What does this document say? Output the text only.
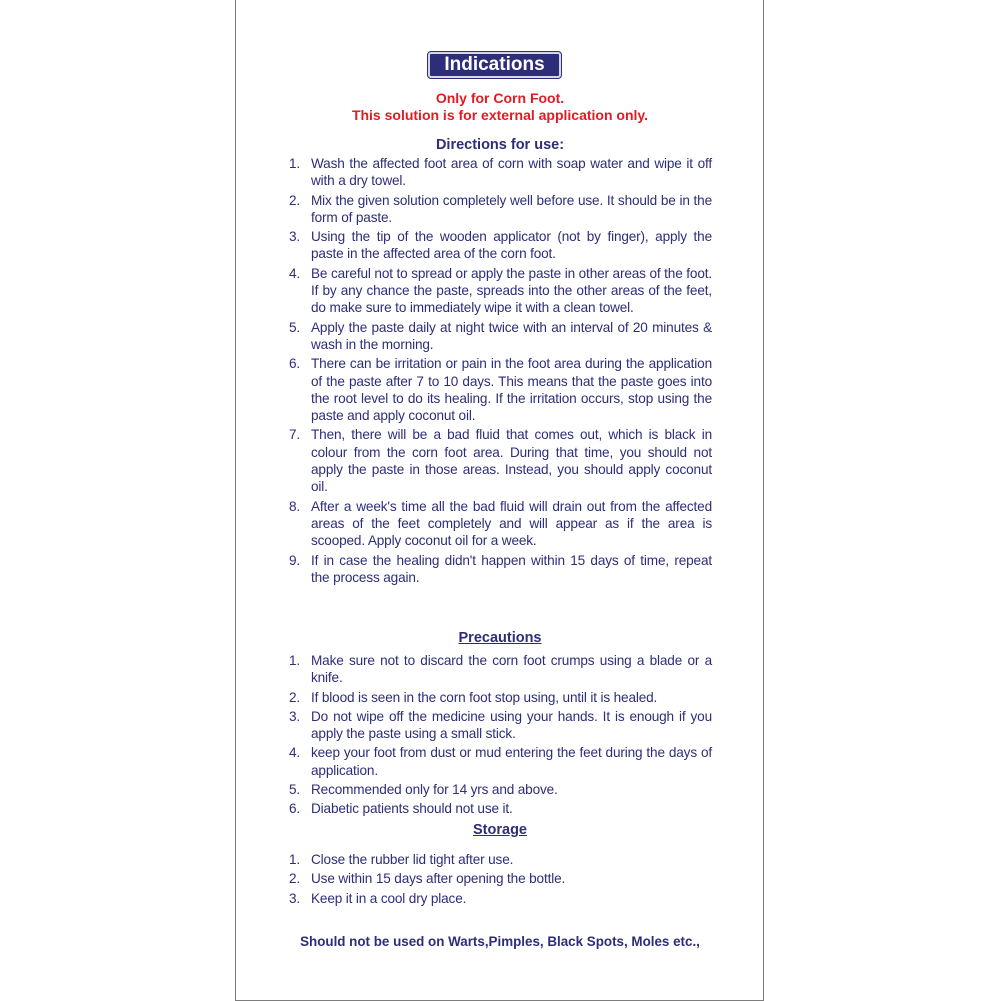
Indications
Only for Corn Foot.
This solution is for external application only.
Directions for use:
1. Wash the affected foot area of corn with soap water and wipe it off with a dry towel.
2. Mix the given solution completely well before use. It should be in the form of paste.
3. Using the tip of the wooden applicator (not by finger), apply the paste in the affected area of the corn foot.
4. Be careful not to spread or apply the paste in other areas of the foot. If by any chance the paste, spreads into the other areas of the feet, do make sure to immediately wipe it with a clean towel.
5. Apply the paste daily at night twice with an interval of 20 minutes & wash in the morning.
6. There can be irritation or pain in the foot area during the application of the paste after 7 to 10 days. This means that the paste goes into the root level to do its healing. If the irritation occurs, stop using the paste and apply coconut oil.
7. Then, there will be a bad fluid that comes out, which is black in colour from the corn foot area. During that time, you should not apply the paste in those areas. Instead, you should apply coconut oil.
8. After a week's time all the bad fluid will drain out from the affected areas of the feet completely and will appear as if the area is scooped. Apply coconut oil for a week.
9. If in case the healing didn't happen within 15 days of time, repeat the process again.
Precautions
1. Make sure not to discard the corn foot crumps using a blade or a knife.
2. If blood is seen in the corn foot stop using, until it is healed.
3. Do not wipe off the medicine using your hands. It is enough if you apply the paste using a small stick.
4. keep your foot from dust or mud entering the feet during the days of application.
5. Recommended only for 14 yrs and above.
6. Diabetic patients should not use it.
Storage
1. Close the rubber lid tight after use.
2. Use within 15 days after opening the bottle.
3. Keep it in a cool dry place.
Should not be used on Warts,Pimples, Black Spots, Moles etc.,
